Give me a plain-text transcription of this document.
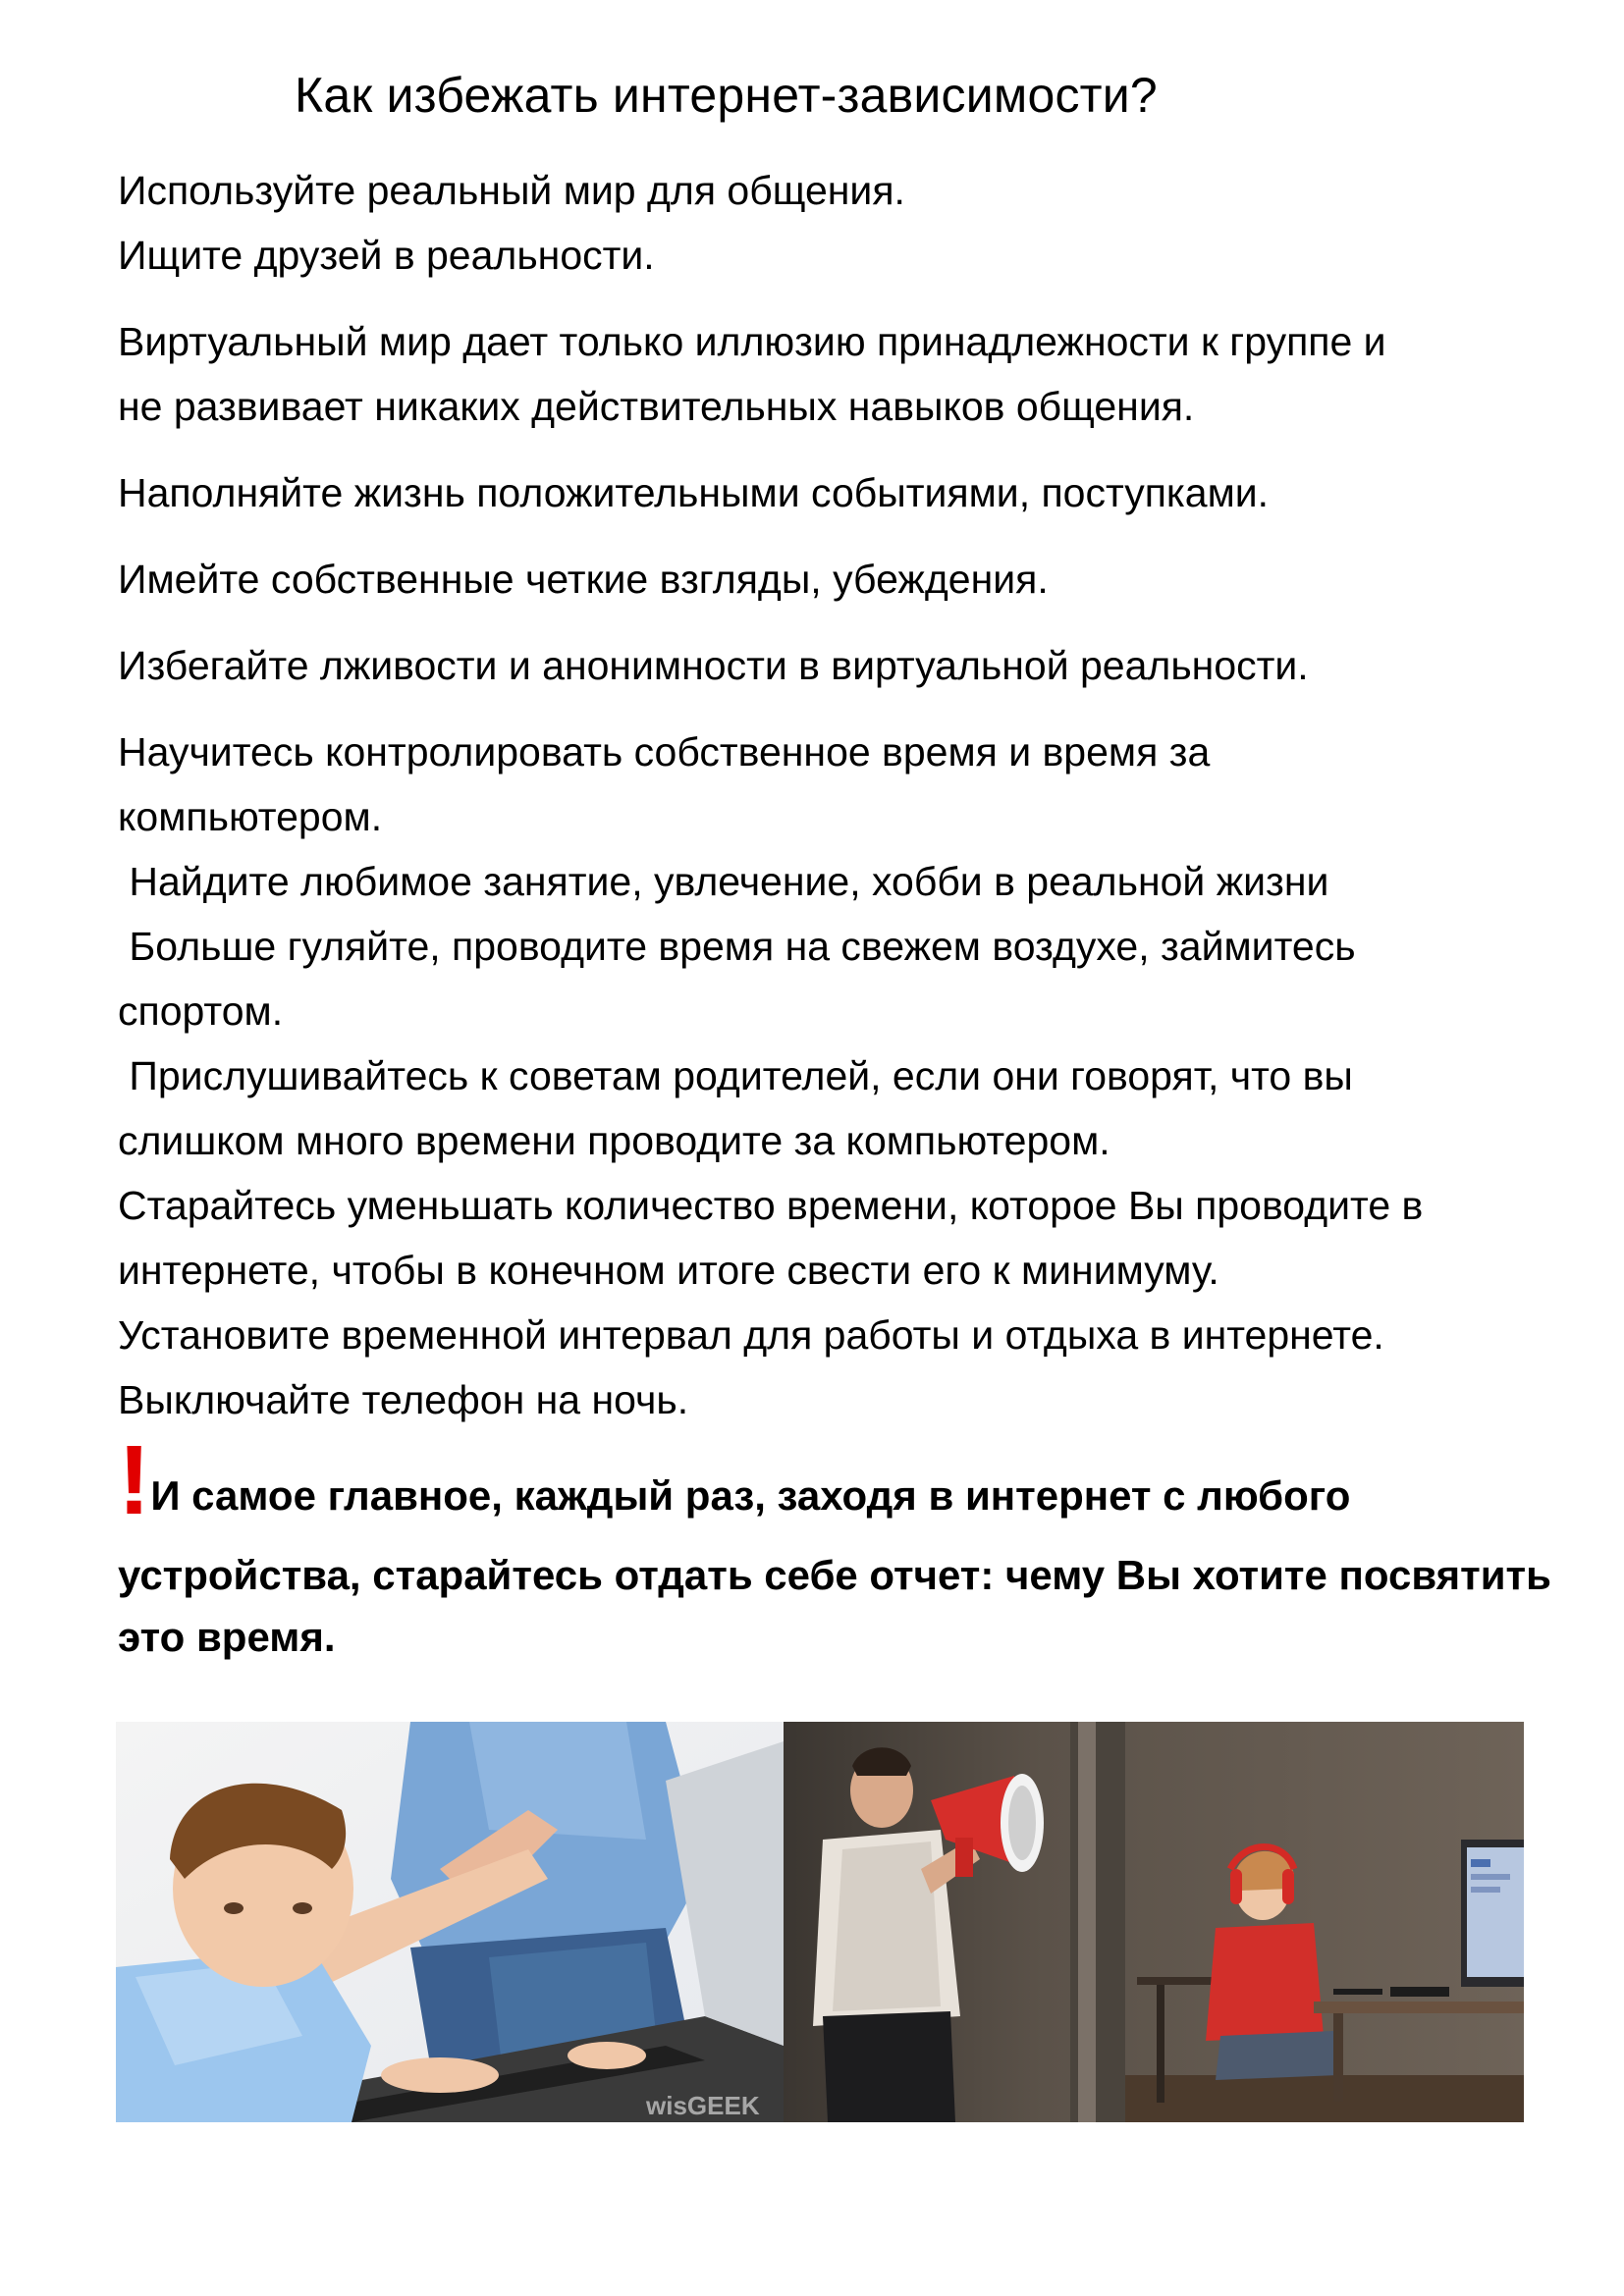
Как избежать интернет-зависимости?

Используйте реальный мир для общения.

Ищите друзей в реальности.

Виртуальный мир дает только иллюзию принадлежности к группе и

не развивает никаких действительных навыков общения.

Наполняйте жизнь положительными событиями, поступками.

Имейте собственные четкие взгляды, убеждения.

Избегайте лживости и анонимности в виртуальной реальности.

Научитесь контролировать собственное время и время за

компьютером.

Найдите любимое занятие, увлечение, хобби в реальной жизни

Больше гуляйте, проводите время на свежем воздухе, займитесь

спортом.

Прислушивайтесь к советам родителей, если они говорят, что вы

слишком много времени проводите за компьютером.

Старайтесь уменьшать количество времени, которое Вы проводите в

интернете, чтобы в конечном итоге свести его к минимуму.

Установите временной интервал для работы и отдыха в интернете.

Выключайте телефон на ночь.

!И самое главное, каждый раз, заходя в интернет с любого
устройства, старайтесь отдать себе отчет: чему Вы хотите посвятить
это время.
wisGEEK
